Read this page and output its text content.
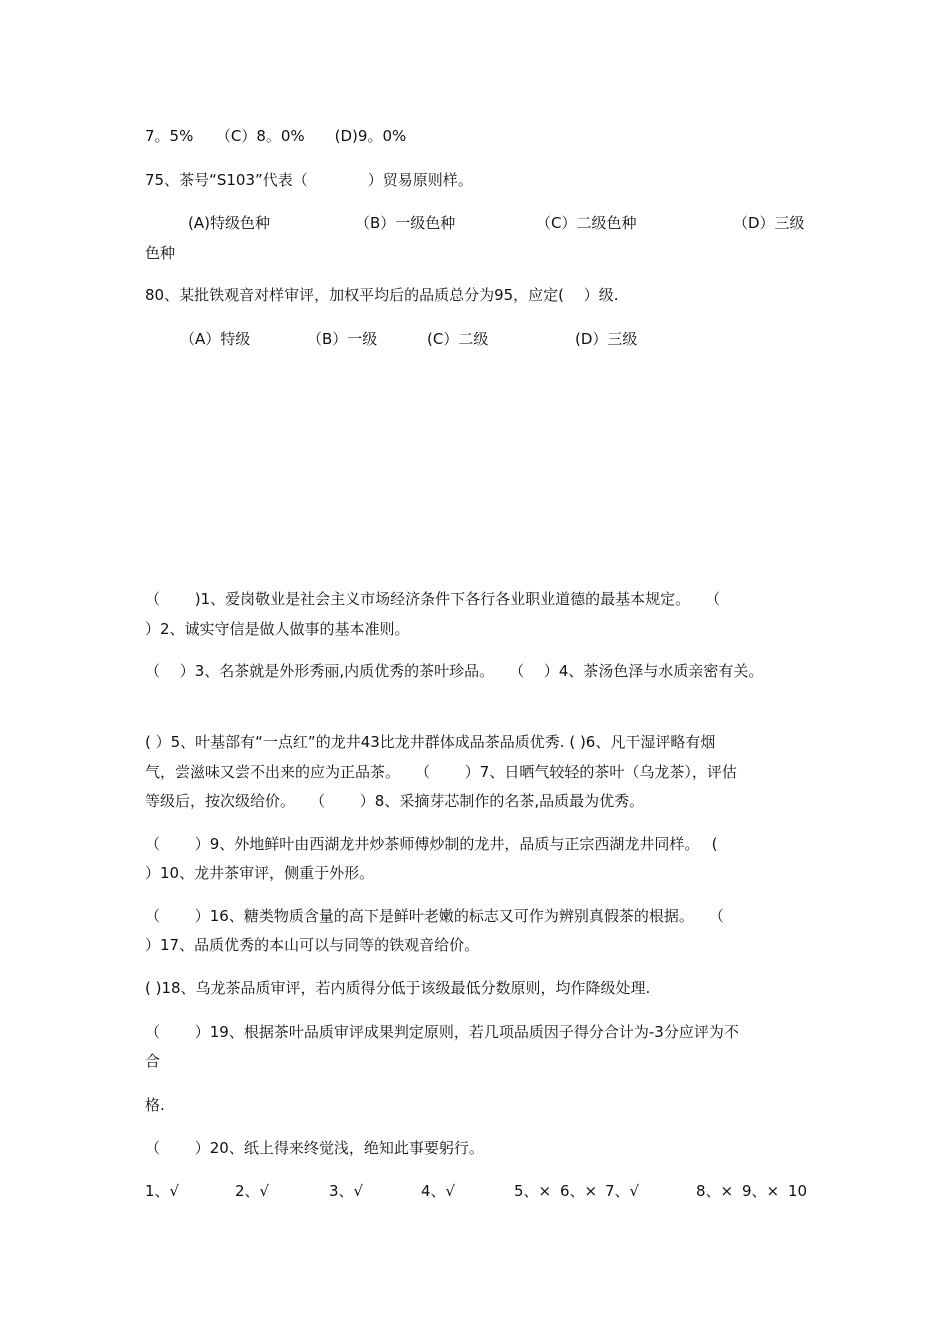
7。5%　　（C）8。0%　　(D)9。0%
75、茶号“S103”代表（　　　　）贸易原则样。
(A)特级色种	（B）一级色种	（C）二级色种	（D）三级
色种
80、某批铁观音对样审评，加权平均后的品质总分为95，应定(　 ）级.
（A）特级	（B）一级	(C）二级	(D）三级
（　　 )1、爱岗敬业是社会主义市场经济条件下各行各业职业道德的最基本规定。　　（
）2、诚实守信是做人做事的基本准则。
（　 ）3、名茶就是外形秀丽,内质优秀的茶叶珍品。　　（　 ）4、茶汤色泽与水质亲密有关。
( ）5、叶基部有“一点红”的龙井43比龙井群体成品茶品质优秀. ( )6、凡干湿评略有烟
气，尝滋味又尝不出来的应为正品茶。　　（　　 ）7、日晒气较轻的茶叶（乌龙茶），评估
等级后，按次级给价。　　（　　 ）8、采摘芽芯制作的名茶,品质最为优秀。
（　　 ）9、外地鲜叶由西湖龙井炒茶师傅炒制的龙井，品质与正宗西湖龙井同样。　 (
）10、龙井茶审评，侧重于外形。
（　　 ）16、糖类物质含量的高下是鲜叶老嫩的标志又可作为辨别真假茶的根据。　　（
）17、品质优秀的本山可以与同等的铁观音给价。
( )18、乌龙茶品质审评，若内质得分低于该级最低分数原则，均作降级处理.
（　　 ）19、根据茶叶品质审评成果判定原则，若几项品质因子得分合计为-3分应评为不
合
格.
（　　 ）20、纸上得来终觉浅，绝知此事要躬行。
1、√	2、√	3、√	4、√	5、× 6、× 7、√	8、× 9、× 10
